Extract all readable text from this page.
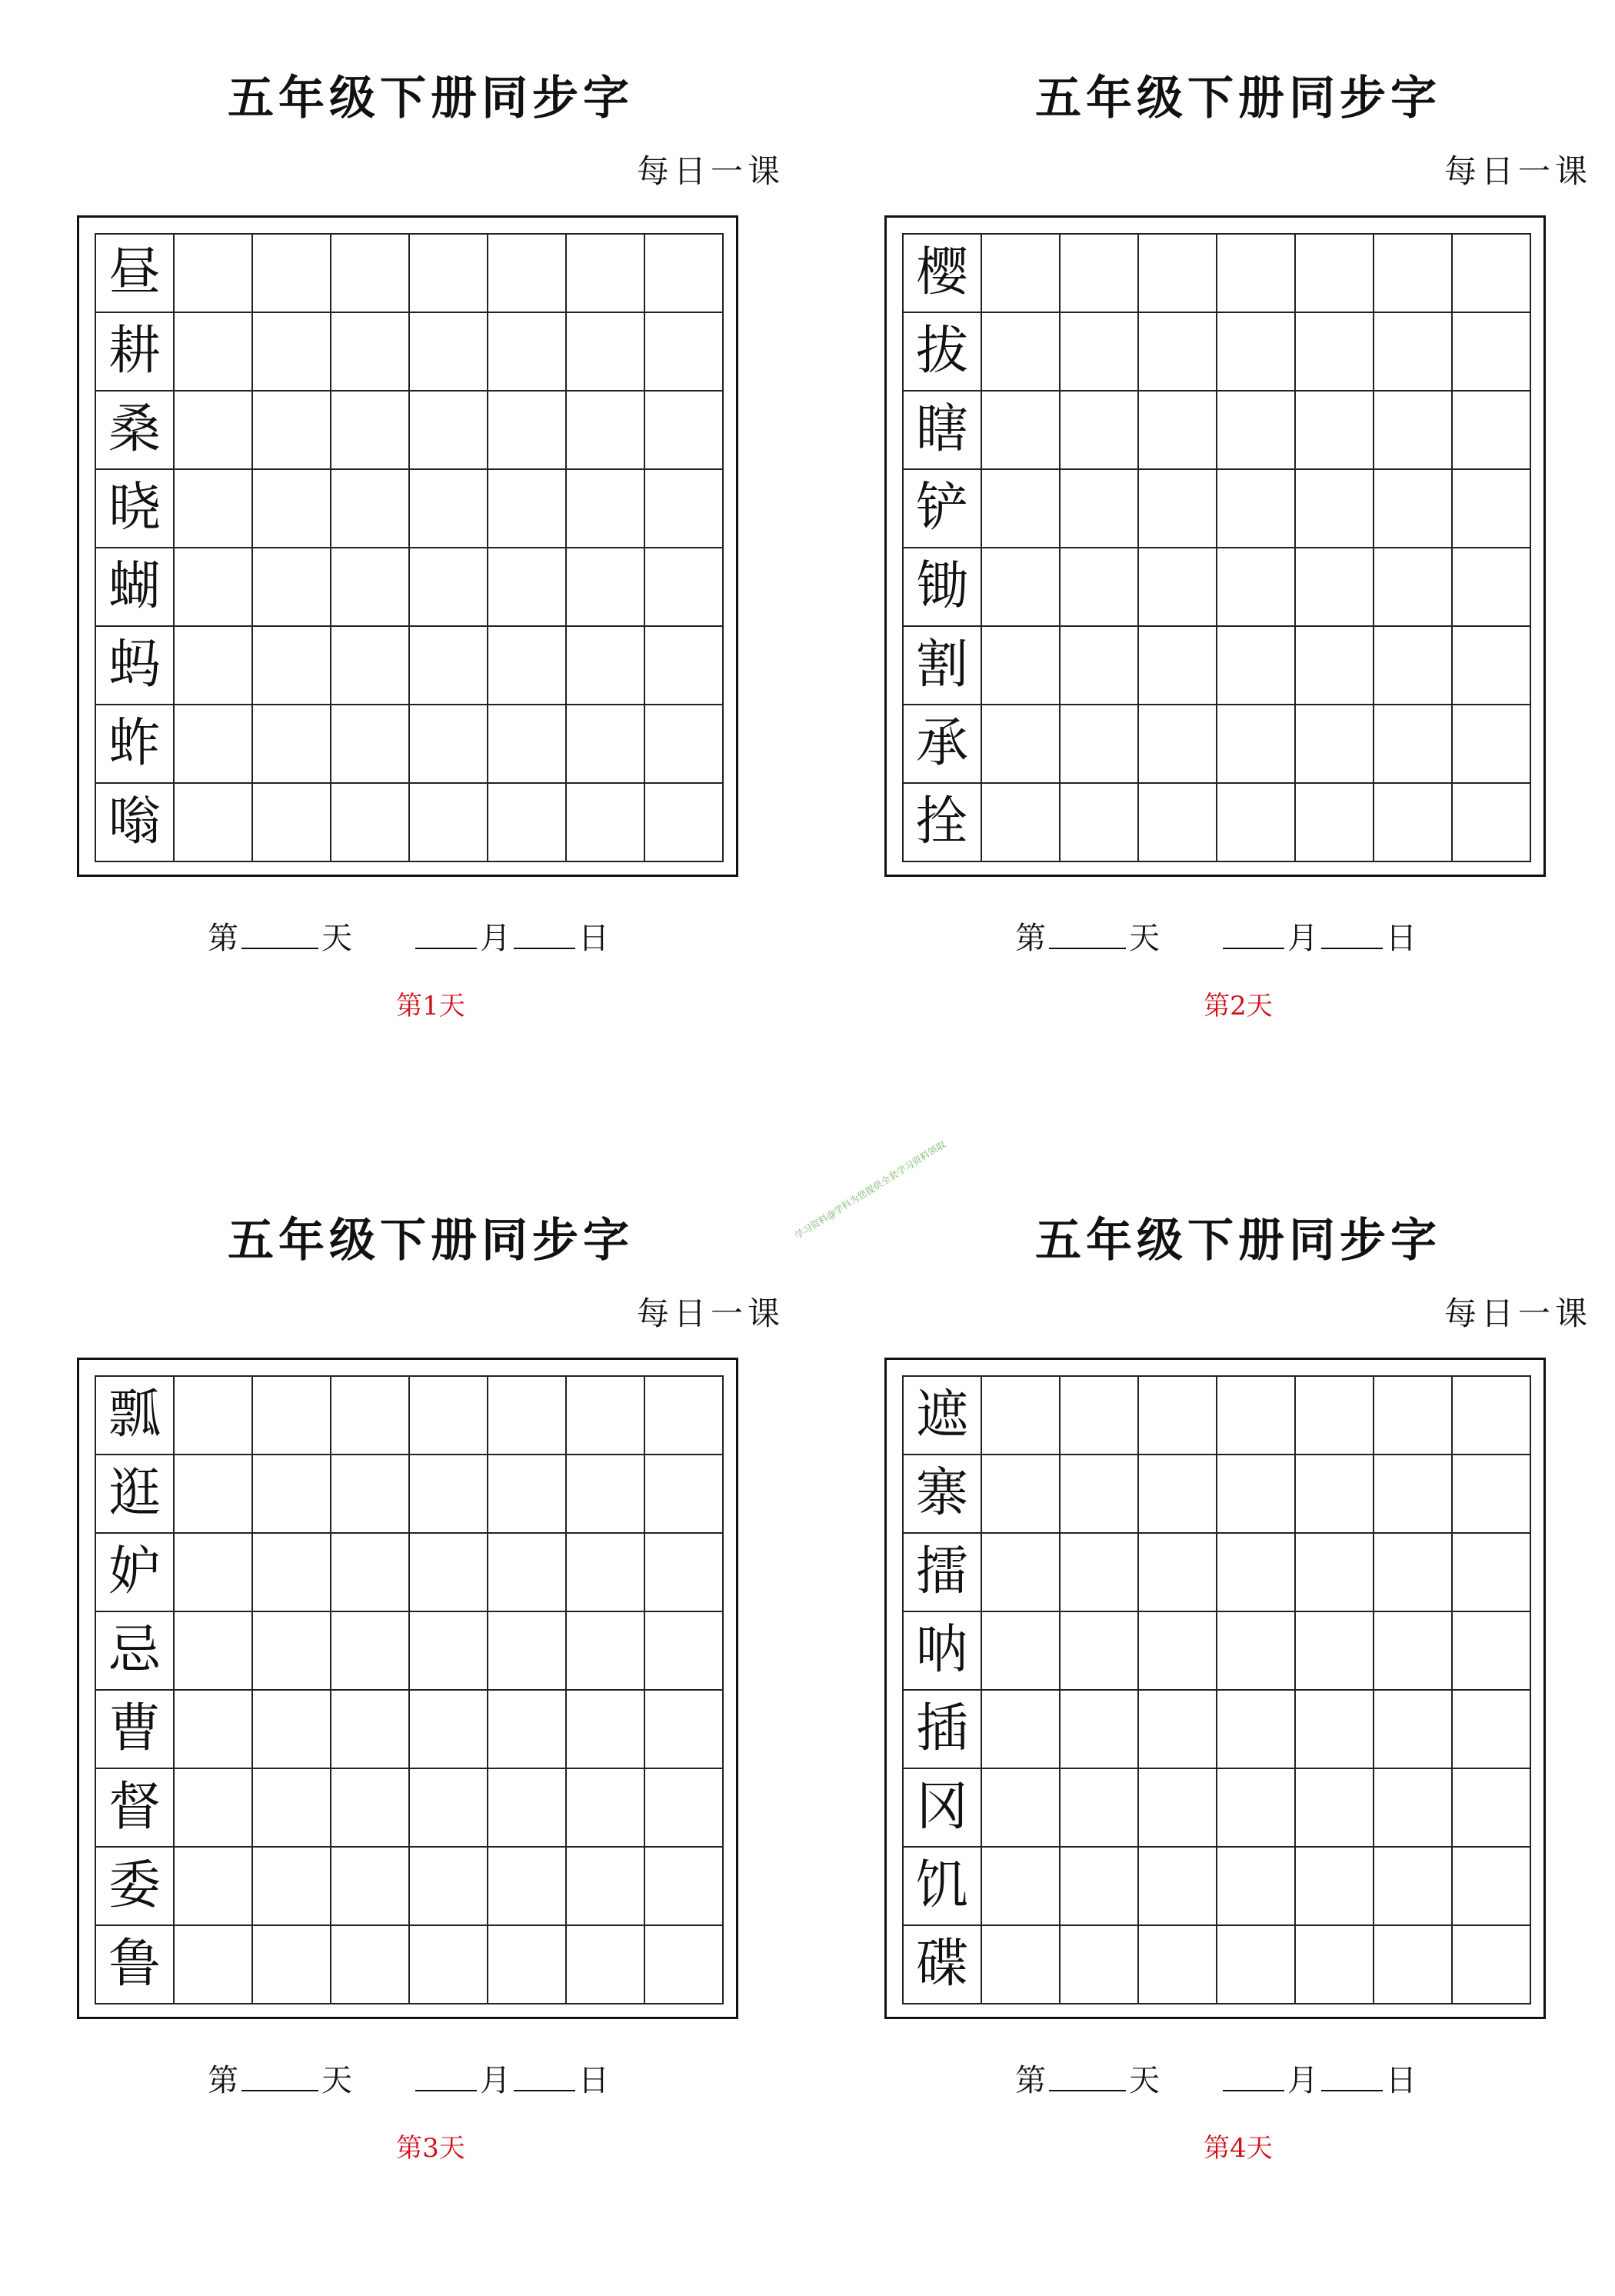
五年级下册同步字
每日一课
昼
耕
桑
晓
蝴
蚂
蚱
嗡
第	天	月 日
第1天
五年级下册同步字
每日一课
樱
拔
瞎
铲
锄
割
承
拴
第	天	月 日
第2天
五年级下册同步字
每日一课
瓢
逛
妒
忌
曹
督
委
鲁
第	天	月 日
第3天
五年级下册同步字
每日一课
遮
寨
擂
呐
插
冈
饥
碟
第	天	月 日
第4天
学习资料@学科为您提供全套学习资料领取
